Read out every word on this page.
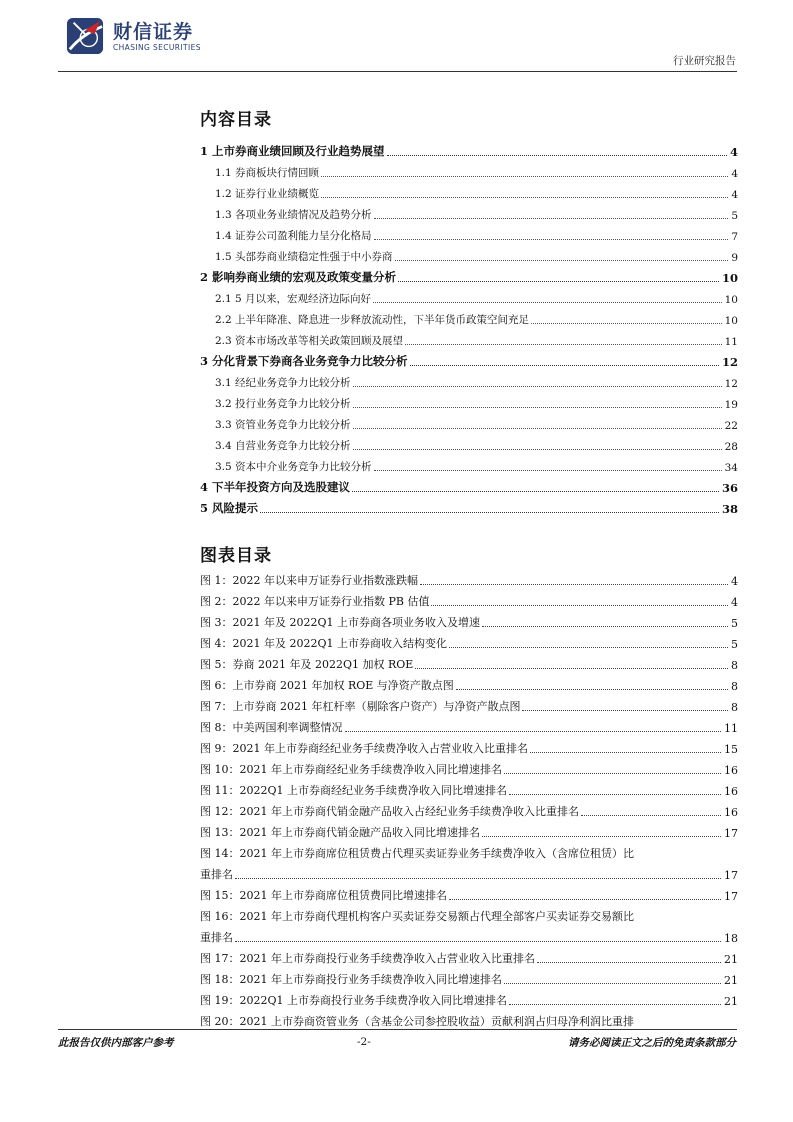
财信证券
CHASING SECURITIES
行业研究报告
内容目录
1 上市券商业绩回顾及行业趋势展望	4
1.1 券商板块行情回顾	4
1.2 证券行业业绩概览	4
1.3 各项业务业绩情况及趋势分析	5
1.4 证券公司盈利能力呈分化格局	7
1.5 头部券商业绩稳定性强于中小券商	9
2 影响券商业绩的宏观及政策变量分析	10
2.1 5 月以来，宏观经济边际向好	10
2.2 上半年降准、降息进一步释放流动性，下半年货币政策空间充足	10
2.3 资本市场改革等相关政策回顾及展望	11
3 分化背景下券商各业务竞争力比较分析	12
3.1 经纪业务竞争力比较分析	12
3.2 投行业务竞争力比较分析	19
3.3 资管业务竞争力比较分析	22
3.4 自营业务竞争力比较分析	28
3.5 资本中介业务竞争力比较分析	34
4 下半年投资方向及选股建议	36
5 风险提示	38
图表目录
图 1：2022 年以来申万证券行业指数涨跌幅	4
图 2：2022 年以来申万证券行业指数 PB 估值	4
图 3：2021 年及 2022Q1 上市券商各项业务收入及增速	5
图 4：2021 年及 2022Q1 上市券商收入结构变化	5
图 5：券商 2021 年及 2022Q1 加权 ROE	8
图 6：上市券商 2021 年加权 ROE 与净资产散点图	8
图 7：上市券商 2021 年杠杆率（剔除客户资产）与净资产散点图	8
图 8：中美两国利率调整情况	11
图 9：2021 年上市券商经纪业务手续费净收入占营业收入比重排名	15
图 10：2021 年上市券商经纪业务手续费净收入同比增速排名	16
图 11：2022Q1 上市券商经纪业务手续费净收入同比增速排名	16
图 12：2021 年上市券商代销金融产品收入占经纪业务手续费净收入比重排名	16
图 13：2021 年上市券商代销金融产品收入同比增速排名	17
图 14：2021 年上市券商席位租赁费占代理买卖证券业务手续费净收入（含席位租赁）比
重排名	17
图 15：2021 年上市券商席位租赁费同比增速排名	17
图 16：2021 年上市券商代理机构客户买卖证券交易额占代理全部客户买卖证券交易额比
重排名	18
图 17：2021 年上市券商投行业务手续费净收入占营业收入比重排名	21
图 18：2021 年上市券商投行业务手续费净收入同比增速排名	21
图 19：2022Q1 上市券商投行业务手续费净收入同比增速排名	21
图 20：2021 上市券商资管业务（含基金公司参控股收益）贡献利润占归母净利润比重排
此报告仅供内部客户参考	-2-	请务必阅读正文之后的免责条款部分
